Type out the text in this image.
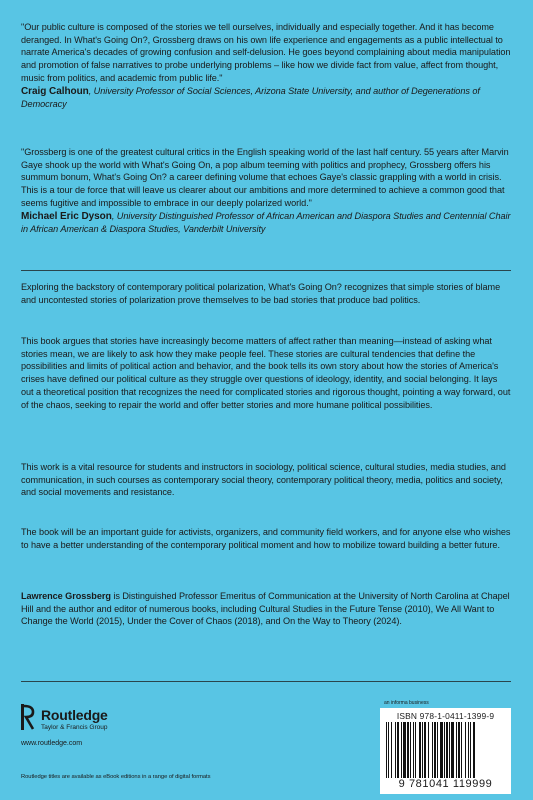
"Our public culture is composed of the stories we tell ourselves, individually and especially together. And it has become deranged. In What's Going On?, Grossberg draws on his own life experience and engagements as a public intellectual to narrate America's decades of growing confusion and self-delusion. He goes beyond complaining about media manipulation and promotion of false narratives to probe underlying problems – like how we divide fact from value, affect from thought, music from politics, and academic from public life."

Craig Calhoun, University Professor of Social Sciences, Arizona State University, and author of Degenerations of Democracy

"Grossberg is one of the greatest cultural critics in the English speaking world of the last half century. 55 years after Marvin Gaye shook up the world with What's Going On, a pop album teeming with politics and prophecy, Grossberg offers his summum bonum, What's Going On? a career defining volume that echoes Gaye's classic grappling with a world in crisis. This is a tour de force that will leave us clearer about our ambitions and more determined to achieve a common good that seems fugitive and impossible to embrace in our deeply polarized world."

Michael Eric Dyson, University Distinguished Professor of African American and Diaspora Studies and Centennial Chair in African American & Diaspora Studies, Vanderbilt University

Exploring the backstory of contemporary political polarization, What's Going On? recognizes that simple stories of blame and uncontested stories of polarization prove themselves to be bad stories that produce bad politics.

This book argues that stories have increasingly become matters of affect rather than meaning—instead of asking what stories mean, we are likely to ask how they make people feel. These stories are cultural tendencies that define the possibilities and limits of political action and behavior, and the book tells its own story about how the stories of America's crises have defined our political culture as they struggle over questions of ideology, identity, and social belonging. It lays out a theoretical position that recognizes the need for complicated stories and rigorous thought, pointing a way forward, out of the chaos, seeking to repair the world and offer better stories and more humane political possibilities.

This work is a vital resource for students and instructors in sociology, political science, cultural studies, media studies, and communication, in such courses as contemporary social theory, contemporary political theory, media, politics and society, and social movements and resistance.

The book will be an important guide for activists, organizers, and community field workers, and for anyone else who wishes to have a better understanding of the contemporary political moment and how to mobilize toward building a better future.

Lawrence Grossberg is Distinguished Professor Emeritus of Communication at the University of North Carolina at Chapel Hill and the author and editor of numerous books, including Cultural Studies in the Future Tense (2010), We All Want to Change the World (2015), Under the Cover of Chaos (2018), and On the Way to Theory (2024).

Routledge
Taylor & Francis Group
www.routledge.com
Routledge titles are available as eBook editions in a range of digital formats
an informa business
ISBN 978-1-0411-1399-9
9 781041 119999
